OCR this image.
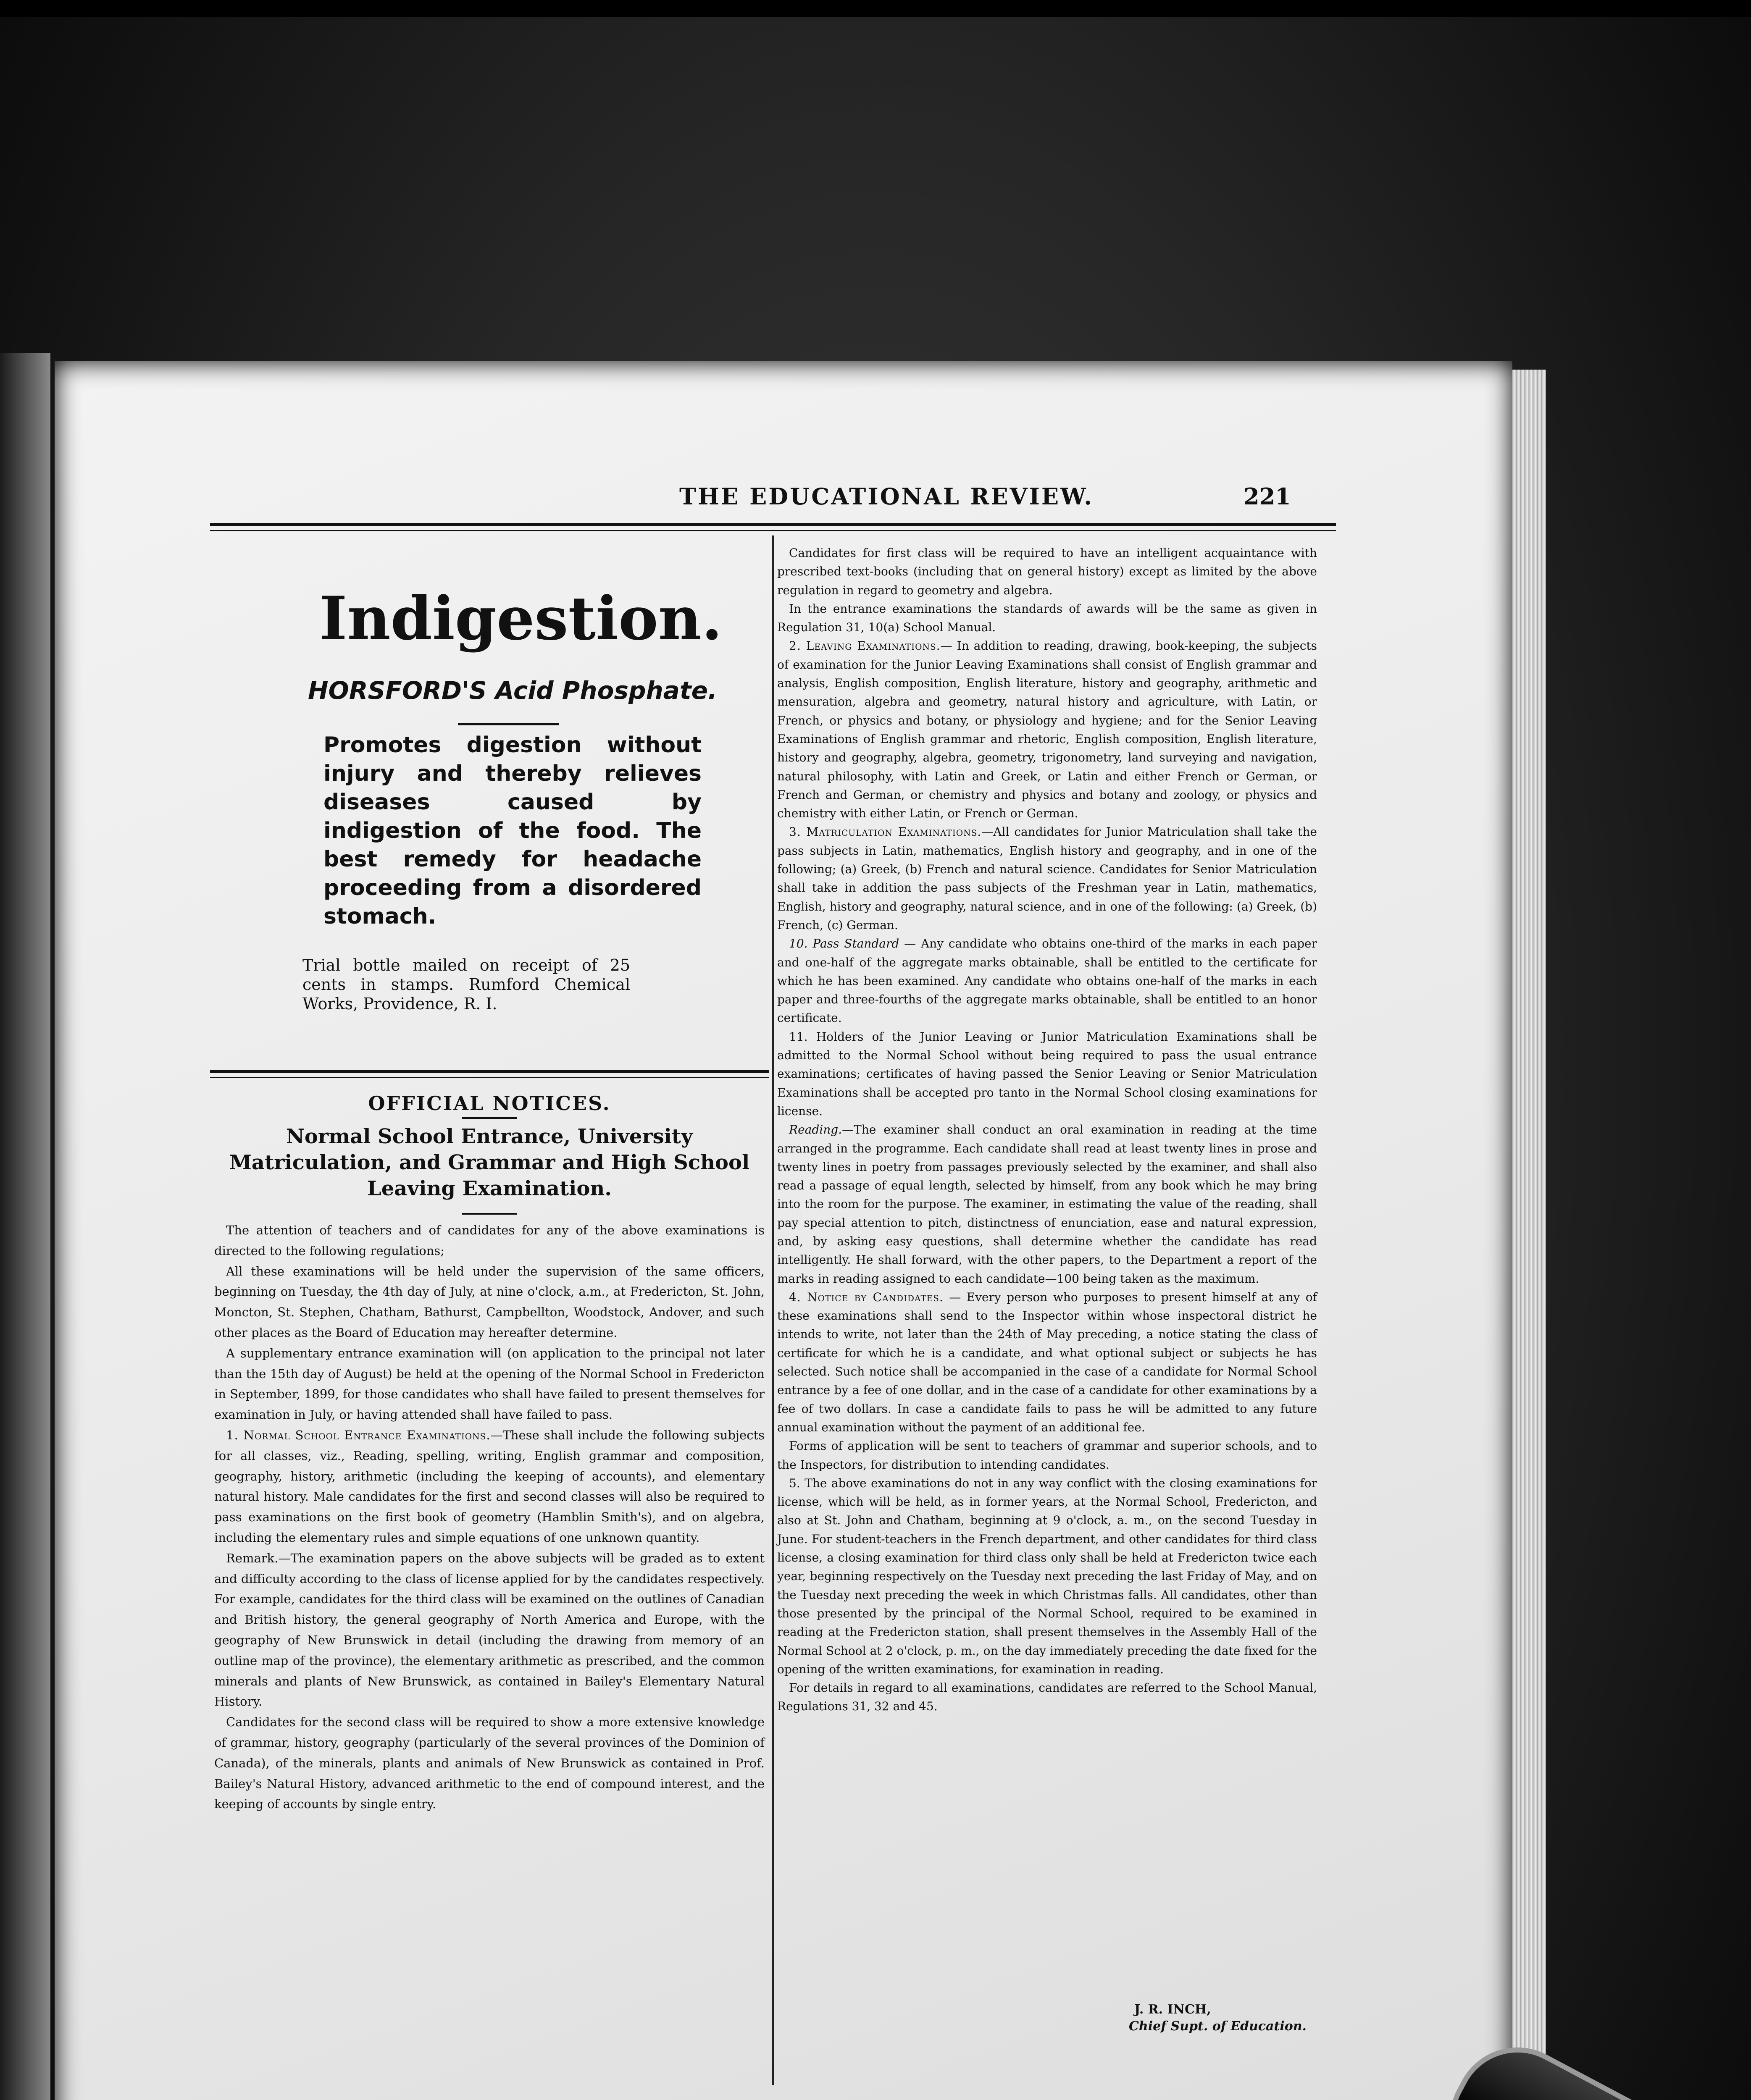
THE EDUCATIONAL REVIEW.	221
Indigestion.
HORSFORD'S Acid Phosphate.
Promotes digestion without injury and thereby relieves diseases caused by indigestion of the food. The best remedy for headache proceeding from a disordered stomach.
Trial bottle mailed on receipt of 25 cents in stamps. Rumford Chemical Works, Providence, R. I.
OFFICIAL NOTICES.
Normal School Entrance, University Matriculation, and Grammar and High School Leaving Examination.

The attention of teachers and of candidates for any of the above examinations is directed to the following regulations;

All these examinations will be held under the supervision of the same officers, beginning on Tuesday, the 4th day of July, at nine o'clock, a.m., at Fredericton, St. John, Moncton, St. Stephen, Chatham, Bathurst, Campbellton, Woodstock, Andover, and such other places as the Board of Education may hereafter determine.

A supplementary entrance examination will (on application to the principal not later than the 15th day of August) be held at the opening of the Normal School in Fredericton in September, 1899, for those candidates who shall have failed to present themselves for examination in July, or having attended shall have failed to pass.

1. Normal School Entrance Examinations.—These shall include the following subjects for all classes, viz., Reading, spelling, writing, English grammar and composition, geography, history, arithmetic (including the keeping of accounts), and elementary natural history. Male candidates for the first and second classes will also be required to pass examinations on the first book of geometry (Hamblin Smith's), and on algebra, including the elementary rules and simple equations of one unknown quantity.

Remark.—The examination papers on the above subjects will be graded as to extent and difficulty according to the class of license applied for by the candidates respectively. For example, candidates for the third class will be examined on the outlines of Canadian and British history, the general geography of North America and Europe, with the geography of New Brunswick in detail (including the drawing from memory of an outline map of the province), the elementary arithmetic as prescribed, and the common minerals and plants of New Brunswick, as contained in Bailey's Elementary Natural History.

Candidates for the second class will be required to show a more extensive knowledge of grammar, history, geography (particularly of the several provinces of the Dominion of Canada), of the minerals, plants and animals of New Brunswick as contained in Prof. Bailey's Natural History, advanced arithmetic to the end of compound interest, and the keeping of accounts by single entry.

Candidates for first class will be required to have an intelligent acquaintance with prescribed text-books (including that on general history) except as limited by the above regulation in regard to geometry and algebra.

In the entrance examinations the standards of awards will be the same as given in Regulation 31, 10(a) School Manual.

2. Leaving Examinations.— In addition to reading, drawing, book-keeping, the subjects of examination for the Junior Leaving Examinations shall consist of English grammar and analysis, English composition, English literature, history and geography, arithmetic and mensuration, algebra and geometry, natural history and agriculture, with Latin, or French, or physics and botany, or physiology and hygiene; and for the Senior Leaving Examinations of English grammar and rhetoric, English composition, English literature, history and geography, algebra, geometry, trigonometry, land surveying and navigation, natural philosophy, with Latin and Greek, or Latin and either French or German, or French and German, or chemistry and physics and botany and zoology, or physics and chemistry with either Latin, or French or German.

3. Matriculation Examinations.—All candidates for Junior Matriculation shall take the pass subjects in Latin, mathematics, English history and geography, and in one of the following; (a) Greek, (b) French and natural science. Candidates for Senior Matriculation shall take in addition the pass subjects of the Freshman year in Latin, mathematics, English, history and geography, natural science, and in one of the following: (a) Greek, (b) French, (c) German.

10. Pass Standard — Any candidate who obtains one-third of the marks in each paper and one-half of the aggregate marks obtainable, shall be entitled to the certificate for which he has been examined. Any candidate who obtains one-half of the marks in each paper and three-fourths of the aggregate marks obtainable, shall be entitled to an honor certificate.

11. Holders of the Junior Leaving or Junior Matriculation Examinations shall be admitted to the Normal School without being required to pass the usual entrance examinations; certificates of having passed the Senior Leaving or Senior Matriculation Examinations shall be accepted pro tanto in the Normal School closing examinations for license.

Reading.—The examiner shall conduct an oral examination in reading at the time arranged in the programme. Each candidate shall read at least twenty lines in prose and twenty lines in poetry from passages previously selected by the examiner, and shall also read a passage of equal length, selected by himself, from any book which he may bring into the room for the purpose. The examiner, in estimating the value of the reading, shall pay special attention to pitch, distinctness of enunciation, ease and natural expression, and, by asking easy questions, shall determine whether the candidate has read intelligently. He shall forward, with the other papers, to the Department a report of the marks in reading assigned to each candidate—100 being taken as the maximum.

4. Notice by Candidates. — Every person who purposes to present himself at any of these examinations shall send to the Inspector within whose inspectoral district he intends to write, not later than the 24th of May preceding, a notice stating the class of certificate for which he is a candidate, and what optional subject or subjects he has selected. Such notice shall be accompanied in the case of a candidate for Normal School entrance by a fee of one dollar, and in the case of a candidate for other examinations by a fee of two dollars. In case a candidate fails to pass he will be admitted to any future annual examination without the payment of an additional fee.

Forms of application will be sent to teachers of grammar and superior schools, and to the Inspectors, for distribution to intending candidates.

5. The above examinations do not in any way conflict with the closing examinations for license, which will be held, as in former years, at the Normal School, Fredericton, and also at St. John and Chatham, beginning at 9 o'clock, a. m., on the second Tuesday in June. For student-teachers in the French department, and other candidates for third class license, a closing examination for third class only shall be held at Fredericton twice each year, beginning respectively on the Tuesday next preceding the last Friday of May, and on the Tuesday next preceding the week in which Christmas falls. All candidates, other than those presented by the principal of the Normal School, required to be examined in reading at the Fredericton station, shall present themselves in the Assembly Hall of the Normal School at 2 o'clock, p. m., on the day immediately preceding the date fixed for the opening of the written examinations, for examination in reading.

For details in regard to all examinations, candidates are referred to the School Manual, Regulations 31, 32 and 45.

J. R. INCH,
Chief Supt. of Education.
